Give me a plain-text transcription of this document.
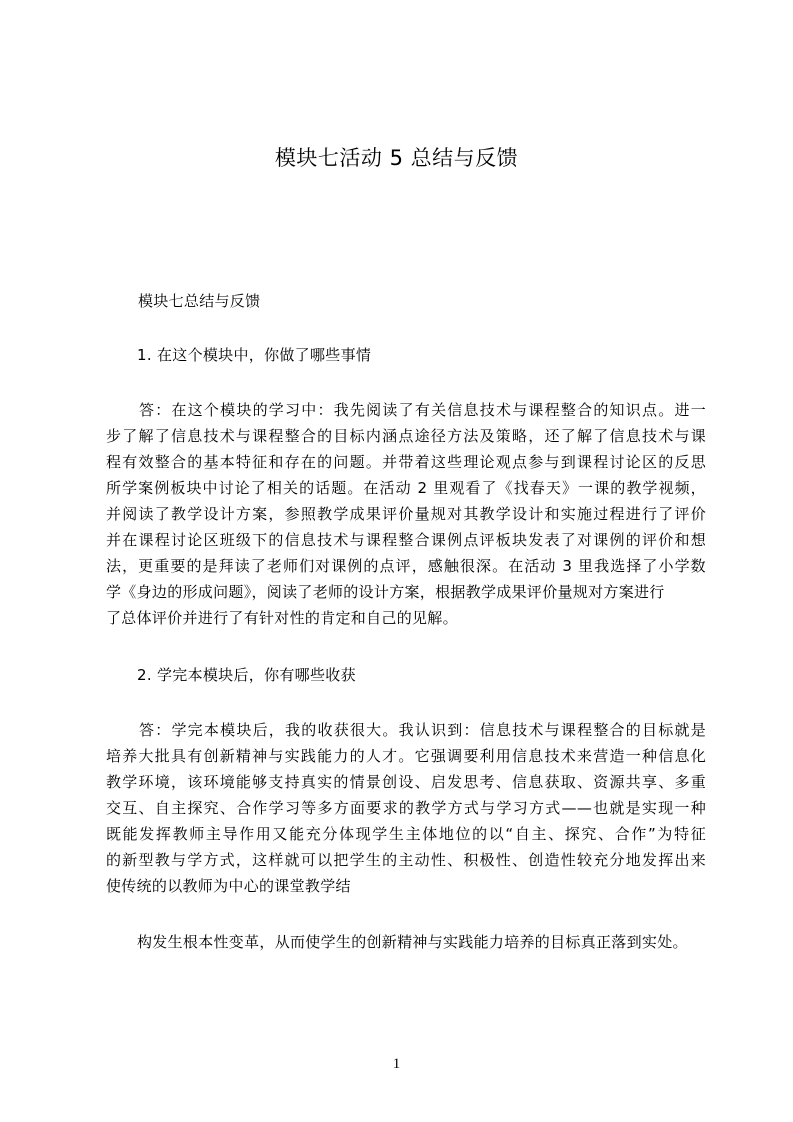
模块七活动 5 总结与反馈
模块七总结与反馈
1. 在这个模块中，你做了哪些事情
答：在这个模块的学习中：我先阅读了有关信息技术与课程整合的知识点。进一
步了解了信息技术与课程整合的目标内涵点途径方法及策略，还了解了信息技术与课
程有效整合的基本特征和存在的问题。并带着这些理论观点参与到课程讨论区的反思
所学案例板块中讨论了相关的话题。在活动 2 里观看了《找春天》一课的教学视频，
并阅读了教学设计方案，参照教学成果评价量规对其教学设计和实施过程进行了评价
并在课程讨论区班级下的信息技术与课程整合课例点评板块发表了对课例的评价和想
法，更重要的是拜读了老师们对课例的点评，感触很深。在活动 3 里我选择了小学数
学《身边的形成问题》，阅读了老师的设计方案，根据教学成果评价量规对方案进行
了总体评价并进行了有针对性的肯定和自己的见解。
2. 学完本模块后，你有哪些收获
答：学完本模块后，我的收获很大。我认识到：信息技术与课程整合的目标就是
培养大批具有创新精神与实践能力的人才。它强调要利用信息技术来营造一种信息化
教学环境，该环境能够支持真实的情景创设、启发思考、信息获取、资源共享、多重
交互、自主探究、合作学习等多方面要求的教学方式与学习方式——也就是实现一种
既能发挥教师主导作用又能充分体现学生主体地位的以“自主、探究、合作”为特征
的新型教与学方式，这样就可以把学生的主动性、积极性、创造性较充分地发挥出来
使传统的以教师为中心的课堂教学结
构发生根本性变革，从而使学生的创新精神与实践能力培养的目标真正落到实处。
1
